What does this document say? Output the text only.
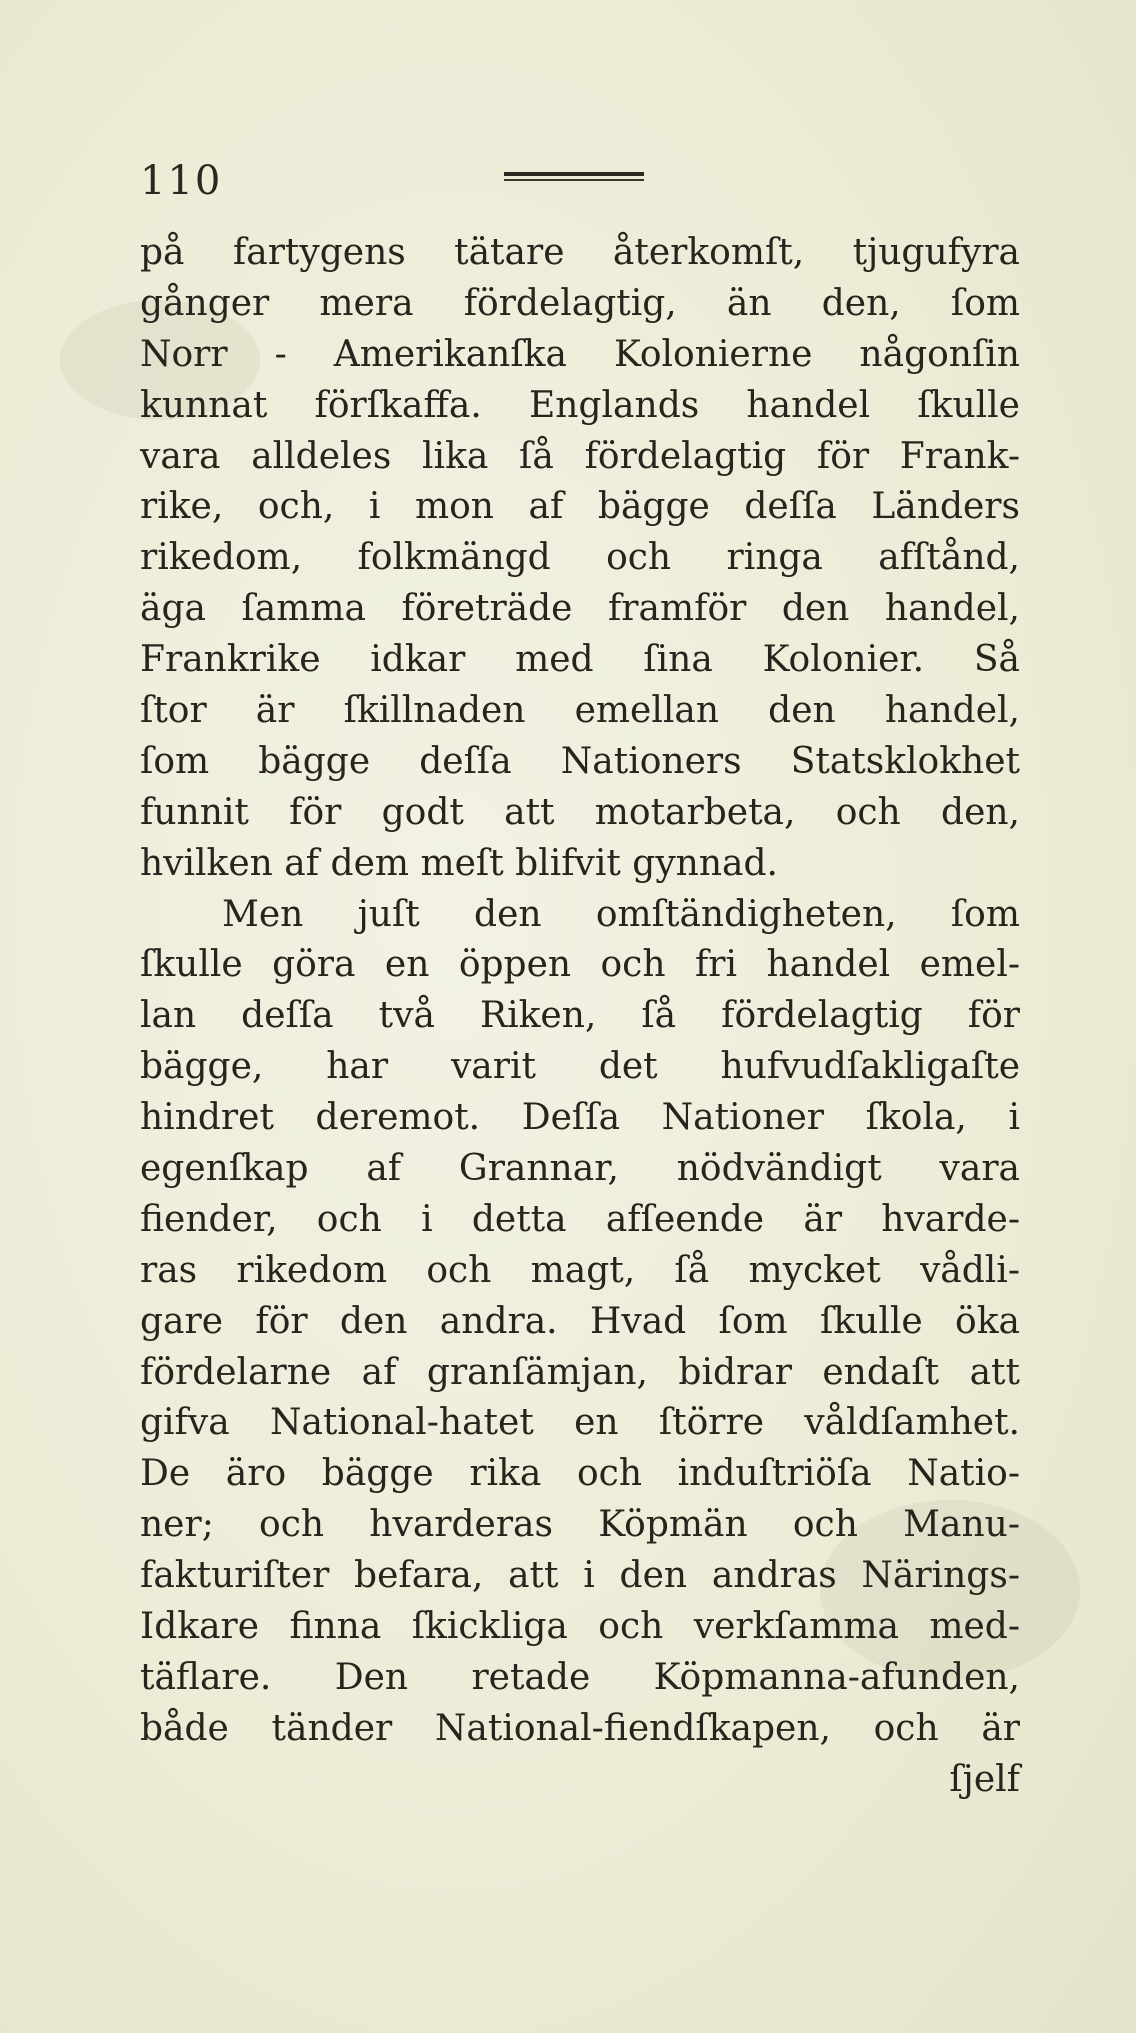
110
på fartygens tätare återkomſt, tjugufyra
gånger mera fördelagtig, än den, ſom
Norr - Amerikanſka Kolonierne någonſin
kunnat förſkaffa. Englands handel ſkulle
vara alldeles lika ſå fördelagtig för Frank-
rike, och, i mon af bägge deſſa Länders
rikedom, folkmängd och ringa afſtånd,
äga ſamma företräde framför den handel,
Frankrike idkar med ſina Kolonier. Så
ſtor är ſkillnaden emellan den handel,
ſom bägge deſſa Nationers Statsklokhet
funnit för godt att motarbeta, och den,
hvilken af dem meſt blifvit gynnad.
Men juſt den omſtändigheten, ſom
ſkulle göra en öppen och fri handel emel-
lan deſſa två Riken, ſå fördelagtig för
bägge, har varit det hufvudſakligaſte
hindret deremot. Deſſa Nationer ſkola, i
egenſkap af Grannar, nödvändigt vara
fiender, och i detta afſeende är hvarde-
ras rikedom och magt, ſå mycket vådli-
gare för den andra. Hvad ſom ſkulle öka
fördelarne af granſämjan, bidrar endaſt att
gifva National-hatet en ſtörre våldſamhet.
De äro bägge rika och induſtriöſa Natio-
ner; och hvarderas Köpmän och Manu-
fakturiſter befara, att i den andras Närings-
Idkare finna ſkickliga och verkſamma med-
täflare. Den retade Köpmanna-afunden,
både tänder National-fiendſkapen, och är
ſjelf
